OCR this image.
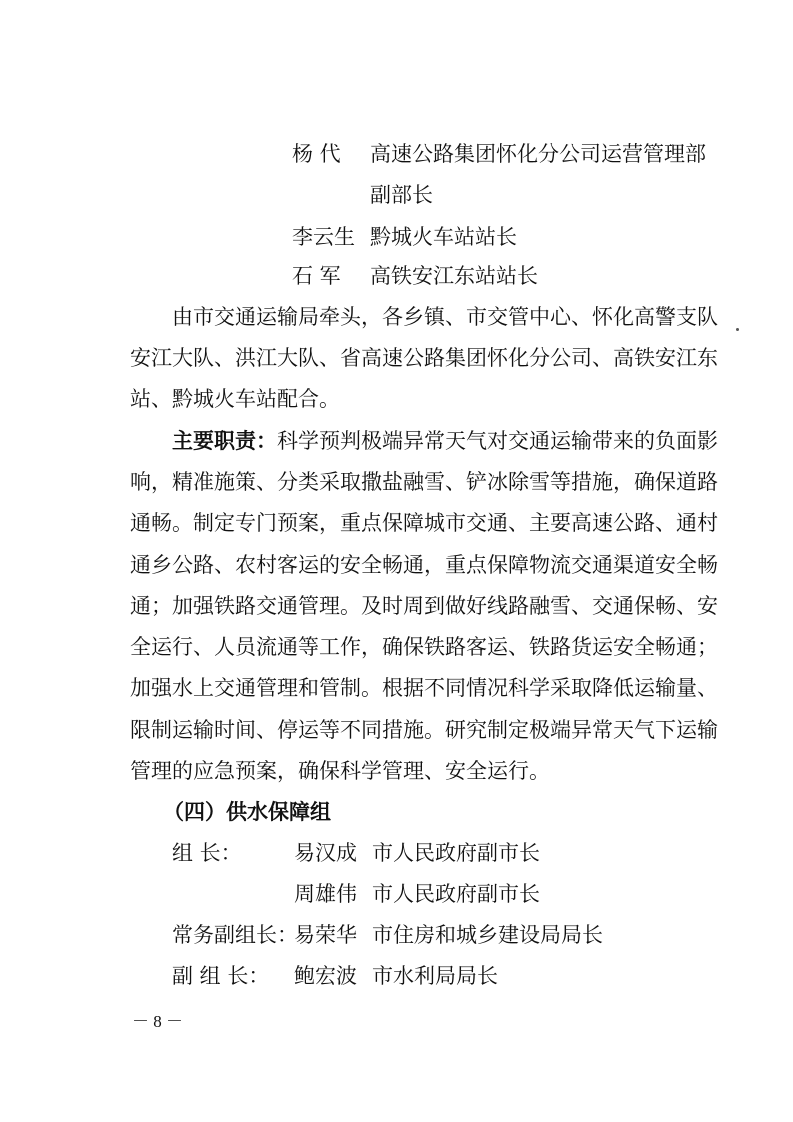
杨 代 高速公路集团怀化分公司运营管理部
副部长
李云生 黔城火车站站长
石 军 高铁安江东站站长
由市交通运输局牵头，各乡镇、市交管中心、怀化高警支队
安江大队、洪江大队、省高速公路集团怀化分公司、高铁安江东
站、黔城火车站配合。
主要职责： 科学预判极端异常天气对交通运输带来的负面影
响，精准施策、分类采取撒盐融雪、铲冰除雪等措施，确保道路
通畅。制定专门预案，重点保障城市交通、主要高速公路、通村
通乡公路、农村客运的安全畅通，重点保障物流交通渠道安全畅
通；加强铁路交通管理。及时周到做好线路融雪、交通保畅、安
全运行、人员流通等工作，确保铁路客运、铁路货运安全畅通；
加强水上交通管理和管制。根据不同情况科学采取降低运输量、
限制运输时间、停运等不同措施。研究制定极端异常天气下运输
管理的应急预案，确保科学管理、安全运行。
（四）供水保障组
组 长： 易汉成 市人民政府副市长
周雄伟 市人民政府副市长
常务副组长：
易荣华 市住房和城乡建设局局长
副 组 长： 鲍宏波 市水利局局长
－ 8 －
